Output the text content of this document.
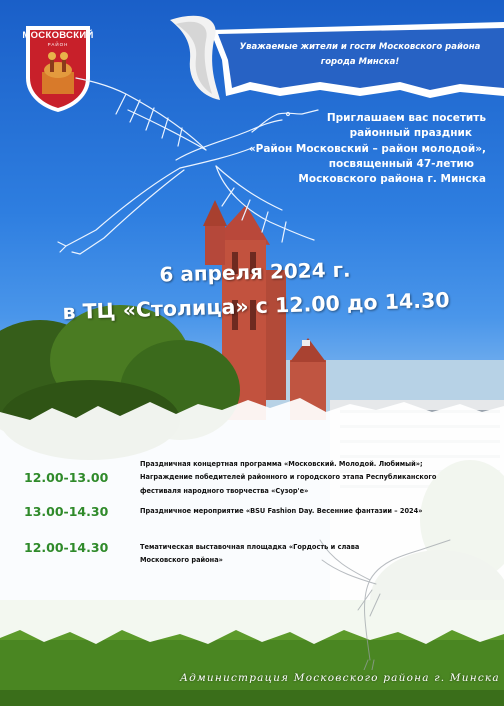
Уважаемые жители и гости Московского района
города Минска!
МОСКОВСКИЙ
РАЙОН
Приглашаем вас посетить
районный праздник
«Район Московский – район молодой»,
посвященный 47-летию
Московского района г. Минска
6 апреля 2024 г.
в ТЦ «Столица» с 12.00 до 14.30
12.00-13.00
Праздничная концертная программа «Московский. Молодой. Любимый»;
Награждение победителей районного и городского этапа Республиканского
фестиваля народного творчества «Сузор'е»
13.00-14.30	Праздничное мероприятие «BSU Fashion Day. Весенние фантазии – 2024»
12.00-14.30	Тематическая выставочная площадка «Гордость и слава
Московского района»
Администрация Московского района г. Минска
